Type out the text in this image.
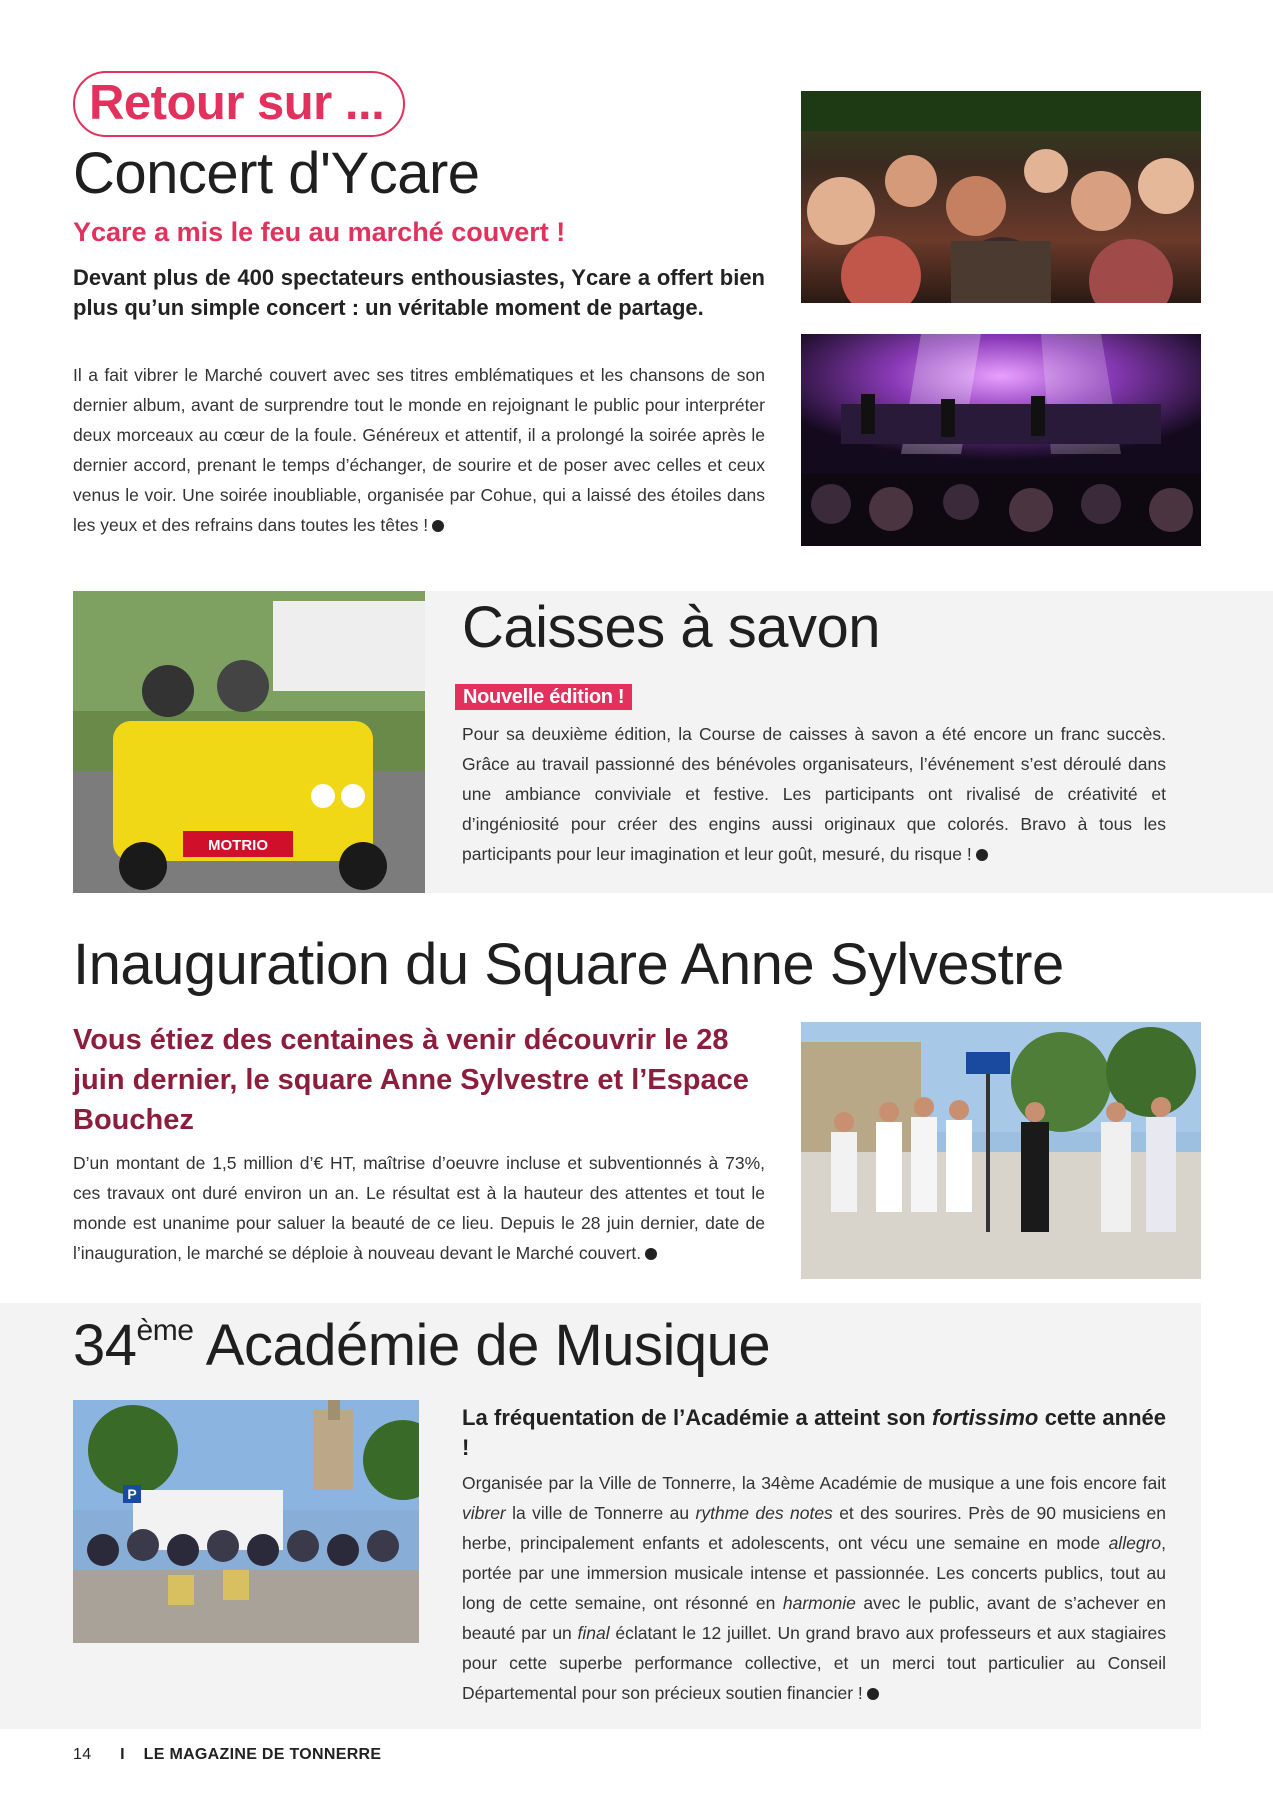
Retour sur ...
Concert d'Ycare
Ycare a mis le feu au marché couvert !

Devant plus de 400 spectateurs enthousiastes, Ycare a offert bien plus qu’un simple concert : un véritable moment de partage.

Il a fait vibrer le Marché couvert avec ses titres emblématiques et les chansons de son dernier album, avant de surprendre tout le monde en rejoignant le public pour interpréter deux morceaux au cœur de la foule. Généreux et attentif, il a prolongé la soirée après le dernier accord, prenant le temps d’échanger, de sourire et de poser avec celles et ceux venus le voir. Une soirée inoubliable, organisée par Cohue, qui a laissé des étoiles dans les yeux et des refrains dans toutes les têtes !

MOTRIO
Caisses à savon
Nouvelle édition !

Pour sa deuxième édition, la Course de caisses à savon a été encore un franc succès. Grâce au travail passionné des bénévoles organisateurs, l’événement s’est déroulé dans une ambiance conviviale et festive. Les participants ont rivalisé de créativité et d’ingéniosité pour créer des engins aussi originaux que colorés. Bravo à tous les participants pour leur imagination et leur goût, mesuré, du risque !

Inauguration du Square Anne Sylvestre
Vous étiez des centaines à venir découvrir le 28 juin dernier, le square Anne Sylvestre et l’Espace Bouchez

D’un montant de 1,5 million d’€ HT, maîtrise d’oeuvre incluse et subventionnés à 73%, ces travaux ont duré environ un an. Le résultat est à la hauteur des attentes et tout le monde est unanime pour saluer la beauté de ce lieu. Depuis le 28 juin dernier, date de l’inauguration, le marché se déploie à nouveau devant le Marché couvert.

34ème Académie de Musique
P

La fréquentation de l’Académie a atteint son fortissimo cette année !

Organisée par la Ville de Tonnerre, la 34ème Académie de musique a une fois encore fait vibrer la ville de Tonnerre au rythme des notes et des sourires. Près de 90 musiciens en herbe, principalement enfants et adolescents, ont vécu une semaine en mode allegro, portée par une immersion musicale intense et passionnée. Les concerts publics, tout au long de cette semaine, ont résonné en harmonie avec le public, avant de s’achever en beauté par un final éclatant le 12 juillet. Un grand bravo aux professeurs et aux stagiaires pour cette superbe performance collective, et un merci tout particulier au Conseil Départemental pour son précieux soutien financier !

14 I LE MAGAZINE DE TONNERRE
